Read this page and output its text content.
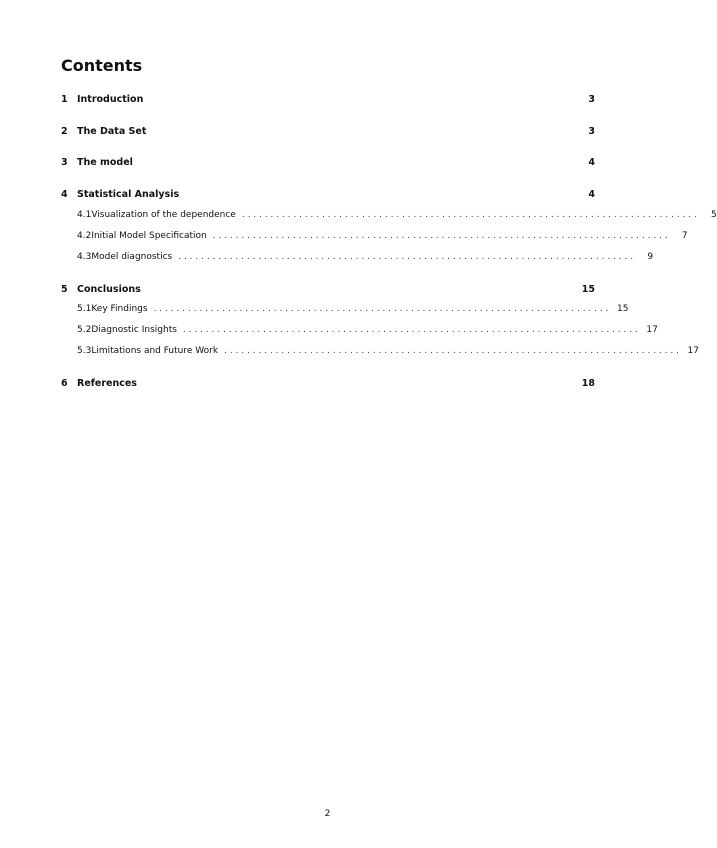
Contents
1 Introduction	3
2 The Data Set	3
3 The model	4
4 Statistical Analysis	4
4.1 Visualization of the dependence . . . . . . . . . . . . . . . . . . . . . . . . . . . . . . . . . . . . . . . . . . . . . . . . . . . . . . . . . . . . . . . . . . . . . . . . . . . . . . . .	5
4.2 Initial Model Specification . . . . . . . . . . . . . . . . . . . . . . . . . . . . . . . . . . . . . . . . . . . . . . . . . . . . . . . . . . . . . . . . . . . . . . . . . . . . . . . .	7
4.3 Model diagnostics . . . . . . . . . . . . . . . . . . . . . . . . . . . . . . . . . . . . . . . . . . . . . . . . . . . . . . . . . . . . . . . . . . . . . . . . . . . . . . . .	9
5 Conclusions	15
5.1 Key Findings . . . . . . . . . . . . . . . . . . . . . . . . . . . . . . . . . . . . . . . . . . . . . . . . . . . . . . . . . . . . . . . . . . . . . . . . . . . . . . . . 15
5.2 Diagnostic Insights . . . . . . . . . . . . . . . . . . . . . . . . . . . . . . . . . . . . . . . . . . . . . . . . . . . . . . . . . . . . . . . . . . . . . . . . . . . . . . . . 17
5.3 Limitations and Future Work . . . . . . . . . . . . . . . . . . . . . . . . . . . . . . . . . . . . . . . . . . . . . . . . . . . . . . . . . . . . . . . . . . . . . . . . . . . . . . . . 17
6 References	18
2
